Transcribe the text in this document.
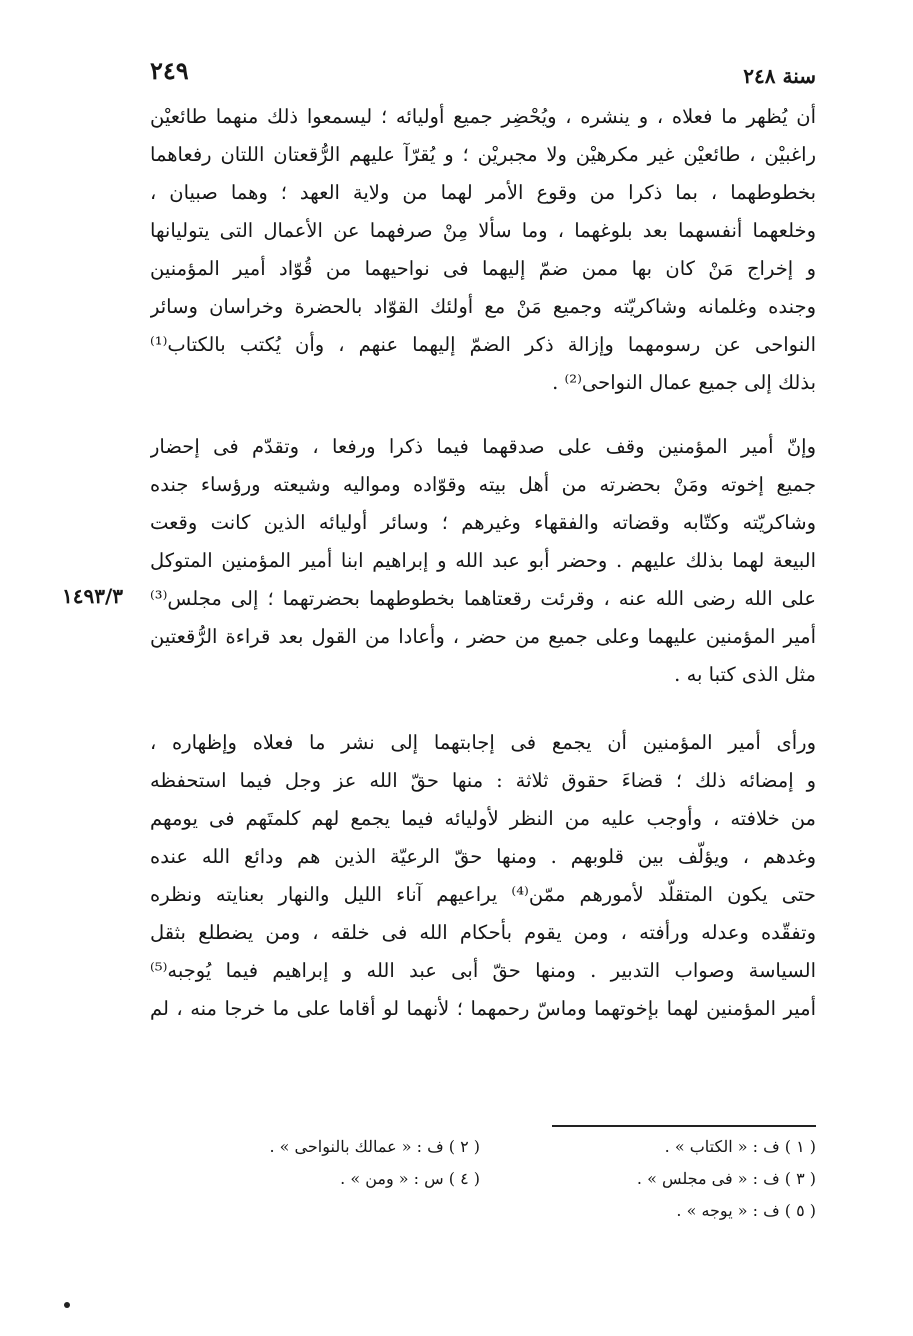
٢٤٩	سنة ٢٤٨
١٤٩٣/٣
أن يُظهر ما فعلاه ، و ينشره ، ويُحْضِر جميع أوليائه ؛ ليسمعوا ذلك منهما طائعيْن
راغبيْن ، طائعيْن غير مكرهيْن ولا مجبريْن ؛ و يُقرّآ عليهم الرُّقعتان اللتان رفعاهما
بخطوطهما ، بما ذكرا من وقوع الأمر لهما من ولاية العهد ؛ وهما صبيان ،
وخلعهما أنفسهما بعد بلوغهما ، وما سألا مِنْ صرفهما عن الأعمال التى يتوليانها
و إخراج مَنْ كان بها ممن ضمّ إليهما فى نواحيهما من قُوّاد أمير المؤمنين
وجنده وغلمانه وشاكريّته وجميع مَنْ مع أولئك القوّاد بالحضرة وخراسان وسائر
النواحى عن رسومهما وإزالة ذكر الضمّ إليهما عنهم ، وأن يُكتب بالكتاب⁽¹⁾
بذلك إلى جميع عمال النواحى⁽²⁾ .
وإنّ أمير المؤمنين وقف على صدقهما فيما ذكرا ورفعا ، وتقدّم فى إحضار
جميع إخوته ومَنْ بحضرته من أهل بيته وقوّاده ومواليه وشيعته ورؤساء جنده
وشاكريّته وكتّابه وقضاته والفقهاء وغيرهم ؛ وسائر أوليائه الذين كانت وقعت
البيعة لهما بذلك عليهم . وحضر أبو عبد الله و إبراهيم ابنا أمير المؤمنين المتوكل
على الله رضى الله عنه ، وقرئت رقعتاهما بخطوطهما بحضرتهما ؛ إلى مجلس⁽³⁾
أمير المؤمنين عليهما وعلى جميع من حضر ، وأعادا من القول بعد قراءة الرُّقعتين
مثل الذى كتبا به .
ورأى أمير المؤمنين أن يجمع فى إجابتهما إلى نشر ما فعلاه وإظهاره ،
و إمضائه ذلك ؛ قضاءَ حقوق ثلاثة : منها حقّ الله عز وجل فيما استحفظه
من خلافته ، وأوجب عليه من النظر لأوليائه فيما يجمع لهم كلمتَهم فى يومهم
وغدهم ، ويؤلّف بين قلوبهم . ومنها حقّ الرعيّة الذين هم ودائع الله عنده
حتى يكون المتقلّد لأمورهم ممّن⁽⁴⁾ يراعيهم آناء الليل والنهار بعنايته ونظره
وتفقّده وعدله ورأفته ، ومن يقوم بأحكام الله فى خلقه ، ومن يضطلع بثقل
السياسة وصواب التدبير . ومنها حقّ أبى عبد الله و إبراهيم فيما يُوجبه⁽⁵⁾
أمير المؤمنين لهما بإخوتهما وماسّ رحمهما ؛ لأنهما لو أقاما على ما خرجا منه ، لم
( ١ ) ف : « الكتاب » .
( ٢ ) ف : « عمالك بالنواحى » .
( ٣ ) ف : « فى مجلس » .
( ٤ ) س : « ومن » .
( ٥ ) ف : « يوجه » .
